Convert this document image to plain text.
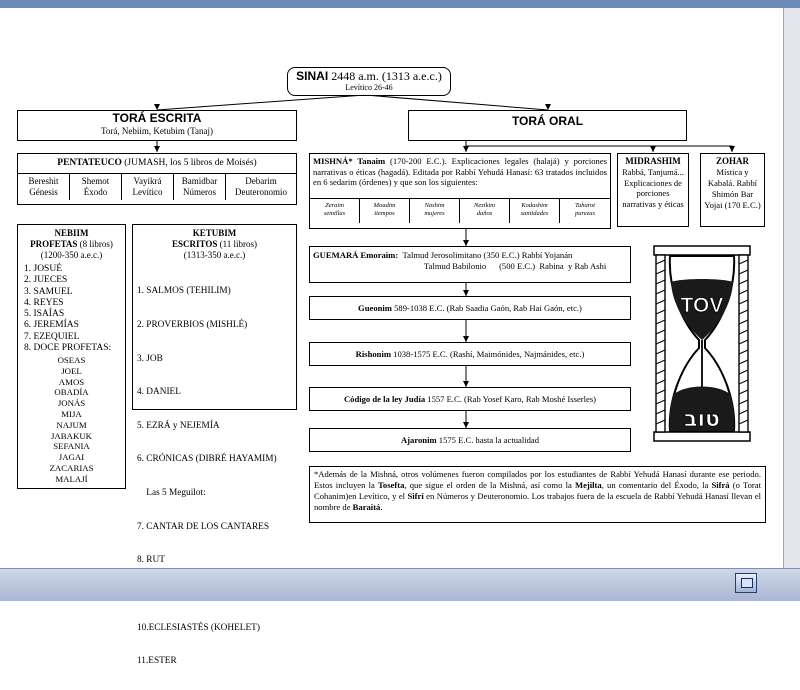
SINAI 2448 a.m. (1313 a.e.c.)
Levítico 26-46
TORÁ ESCRITA
Torá, Nebiim, Ketubim (Tanaj)
TORÁ ORAL
PENTATEUCO (JUMASH, los 5 libros de Moisés)
Bereshit
Génesis
Shemot
Éxodo
Vayikrá
Levítico
Bamidbar
Números
Debarim
Deuteronomio
NEBIIM
PROFETAS (8 libros)
(1200-350 a.e.c.)
1. JOSUÉ
2. JUECES
3. SAMUEL
4. REYES
5. ISAÍAS
6. JEREMÍAS
7. EZEQUIEL
8. DOCE PROFETAS:
OSEAS
JOEL
AMOS
OBADÍA
JONÁS
MIJA
NAJUM
JABAKUK
SEFANIA
JAGAI
ZACARIAS
MALAJÍ
KETUBIM
ESCRITOS (11 libros)
(1313-350 a.e.c.)

1. SALMOS (TEHILIM)

2. PROVERBIOS (MISHLÉ)

3. JOB

4. DANIEL

5. EZRÁ y NEJEMÍA

6. CRÓNICAS (DIBRÉ HAYAMIM)

Las 5 Meguilot:

7. CANTAR DE LOS CANTARES

8. RUT

10.ECLESIASTÉS (KOHELET)

11.ESTER

MISHNÁ* Tanaim (170-200 E.C.). Explicaciones legales (halajá) y porciones narrativas o éticas (hagadá). Editada por Rabbí Yehudá Hanasí: 63 tratados incluidos en 6 sedarim (órdenes) y que son los siguientes:
Zeraim
semillas
Moadim
tiempos
Nashim
mujeres
Nezikim
daños
Kodashim
santidades
Taharot
purezas
MIDRASHIM
Rabbá, Tanjumá... Explicaciones de porciones narrativas y éticas
ZOHAR
Mística y Kabalá. Rabbí Shimón Bar Yojai (170 E.C.)
GUEMARÁ Emoraim: Talmud Jerosolimitano (350 E.C.) Rabbí Yojanán
Talmud Babilonio      (500 E.C.)  Rabina  y Rab Ashi
Gueonim 589-1038 E.C. (Rab Saadia Gaón, Rab Hai Gaón, etc.)
Rishonim 1038-1575 E.C. (Rashí, Maimónides, Najmánides, etc.)
Código de la ley Judía 1557 E.C. (Rab Yosef Karo, Rab Moshé Isserles)
Ajaronim 1575 E.C. hasta la actualidad
*Además de la Mishná, otros volúmenes fueron compilados por los estudiantes de Rabbí Yehudá Hanasí durante ese periodo. Estos incluyen la Tosefta, que sigue el orden de la Mishná, así como la Mejilta, un comentario del Éxodo, la Sifrá (o Torat Cohanim)en Levítico, y el Sifrí en Números y Deuteronomio. Los trabajos fuera de la escuela de Rabbí Yehudá Hanasí llevan el nombre de Baraitá.
TOV
טוב
